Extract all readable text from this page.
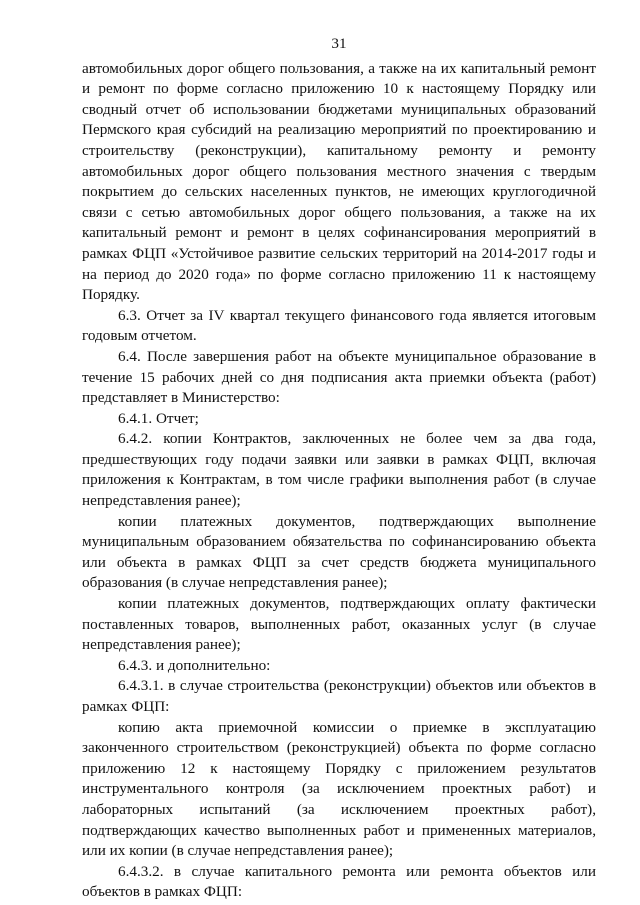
31

автомобильных дорог общего пользования, а также на их капитальный ремонт и ремонт по форме согласно приложению 10 к настоящему Порядку или сводный отчет об использовании бюджетами муниципальных образований Пермского края субсидий на реализацию мероприятий по проектированию и строительству (реконструкции), капитальному ремонту и ремонту автомобильных дорог общего пользования местного значения с твердым покрытием до сельских населенных пунктов, не имеющих круглогодичной связи с сетью автомобильных дорог общего пользования, а также на их капитальный ремонт и ремонт в целях софинансирования мероприятий в рамках ФЦП «Устойчивое развитие сельских территорий на 2014-2017 годы и на период до 2020 года» по форме согласно приложению 11 к настоящему Порядку.

6.3. Отчет за IV квартал текущего финансового года является итоговым годовым отчетом.

6.4. После завершения работ на объекте муниципальное образование в течение 15 рабочих дней со дня подписания акта приемки объекта (работ) представляет в Министерство:

6.4.1. Отчет;

6.4.2. копии Контрактов, заключенных не более чем за два года, предшествующих году подачи заявки или заявки в рамках ФЦП, включая приложения к Контрактам, в том числе графики выполнения работ (в случае непредставления ранее);

копии платежных документов, подтверждающих выполнение муниципальным образованием обязательства по софинансированию объекта или объекта в рамках ФЦП за счет средств бюджета муниципального образования (в случае непредставления ранее);

копии платежных документов, подтверждающих оплату фактически поставленных товаров, выполненных работ, оказанных услуг (в случае непредставления ранее);

6.4.3. и дополнительно:

6.4.3.1. в случае строительства (реконструкции) объектов или объектов в рамках ФЦП:

копию акта приемочной комиссии о приемке в эксплуатацию законченного строительством (реконструкцией) объекта по форме согласно приложению 12 к настоящему Порядку с приложением результатов инструментального контроля (за исключением проектных работ) и лабораторных испытаний (за исключением проектных работ), подтверждающих качество выполненных работ и примененных материалов, или их копии (в случае непредставления ранее);

6.4.3.2. в случае капитального ремонта или ремонта объектов или объектов в рамках ФЦП:
